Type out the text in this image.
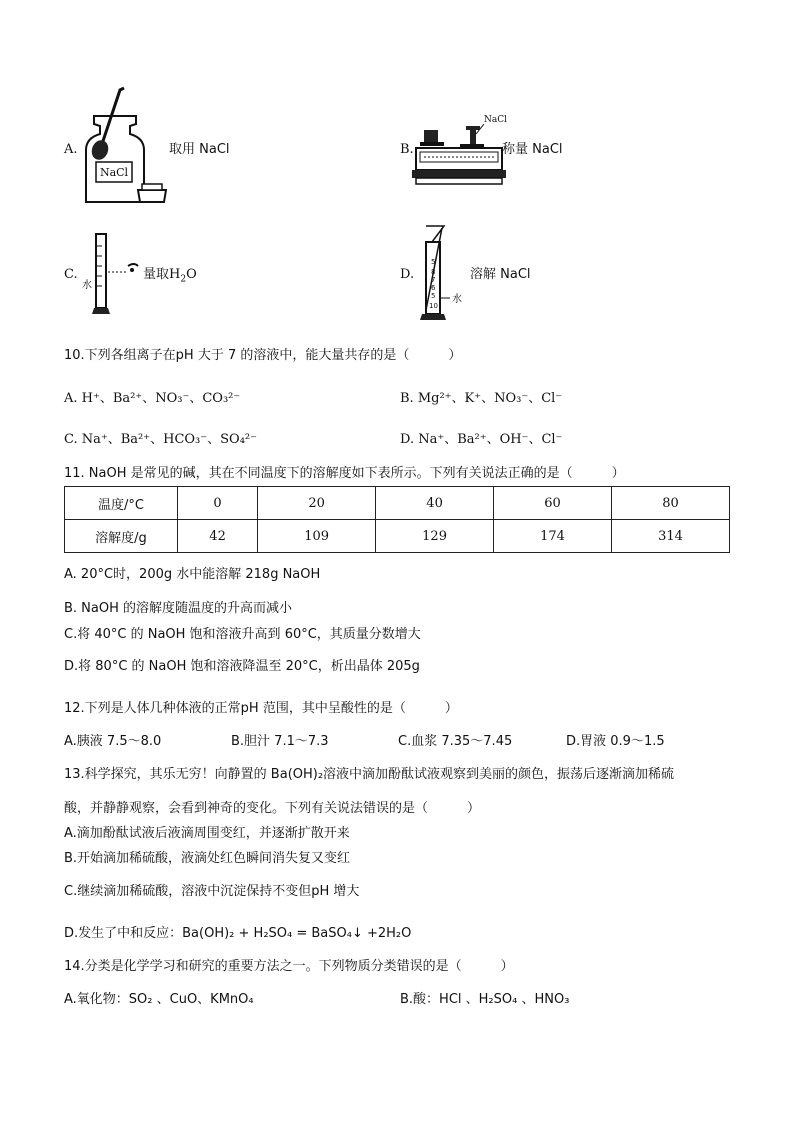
A.
NaCl
取用 NaCl	B.
NaCl
称量 NaCl
C.
水
量取$H_2O$	D.
5
8
7
6
5
10
水
溶解 NaCl
10.下列各组离子在pH 大于 7 的溶液中，能大量共存的是（　　　）
A. H⁺、Ba²⁺、NO₃⁻、CO₃²⁻	B. Mg²⁺、K⁺、NO₃⁻、Cl⁻
C. Na⁺、Ba²⁺、HCO₃⁻、SO₄²⁻	D. Na⁺、Ba²⁺、OH⁻、Cl⁻
11. NaOH 是常见的碱，其在不同温度下的溶解度如下表所示。下列有关说法正确的是（　　　）
温度/°C	0	20	40	60	80
溶解度/g	42	109	129	174	314
A. 20°C时，200g 水中能溶解 218g NaOH
B. NaOH 的溶解度随温度的升高而减小
C.将 40°C 的 NaOH 饱和溶液升高到 60°C，其质量分数增大
D.将 80°C 的 NaOH 饱和溶液降温至 20°C，析出晶体 205g
12.下列是人体几种体液的正常pH 范围，其中呈酸性的是（　　　）
A.胰液 7.5～8.0	B.胆汁 7.1～7.3	C.血浆 7.35～7.45	D.胃液 0.9～1.5
13.科学探究，其乐无穷！向静置的 Ba(OH)₂溶液中滴加酚酞试液观察到美丽的颜色，振荡后逐渐滴加稀硫
酸，并静静观察，会看到神奇的变化。下列有关说法错误的是（　　　）
A.滴加酚酞试液后液滴周围变红，并逐渐扩散开来
B.开始滴加稀硫酸，液滴处红色瞬间消失复又变红
C.继续滴加稀硫酸，溶液中沉淀保持不变但pH 增大
D.发生了中和反应：Ba(OH)₂ + H₂SO₄ = BaSO₄↓ +2H₂O
14.分类是化学学习和研究的重要方法之一。下列物质分类错误的是（　　　）
A.氧化物：SO₂ 、CuO、KMnO₄	B.酸：HCl 、H₂SO₄ 、HNO₃
